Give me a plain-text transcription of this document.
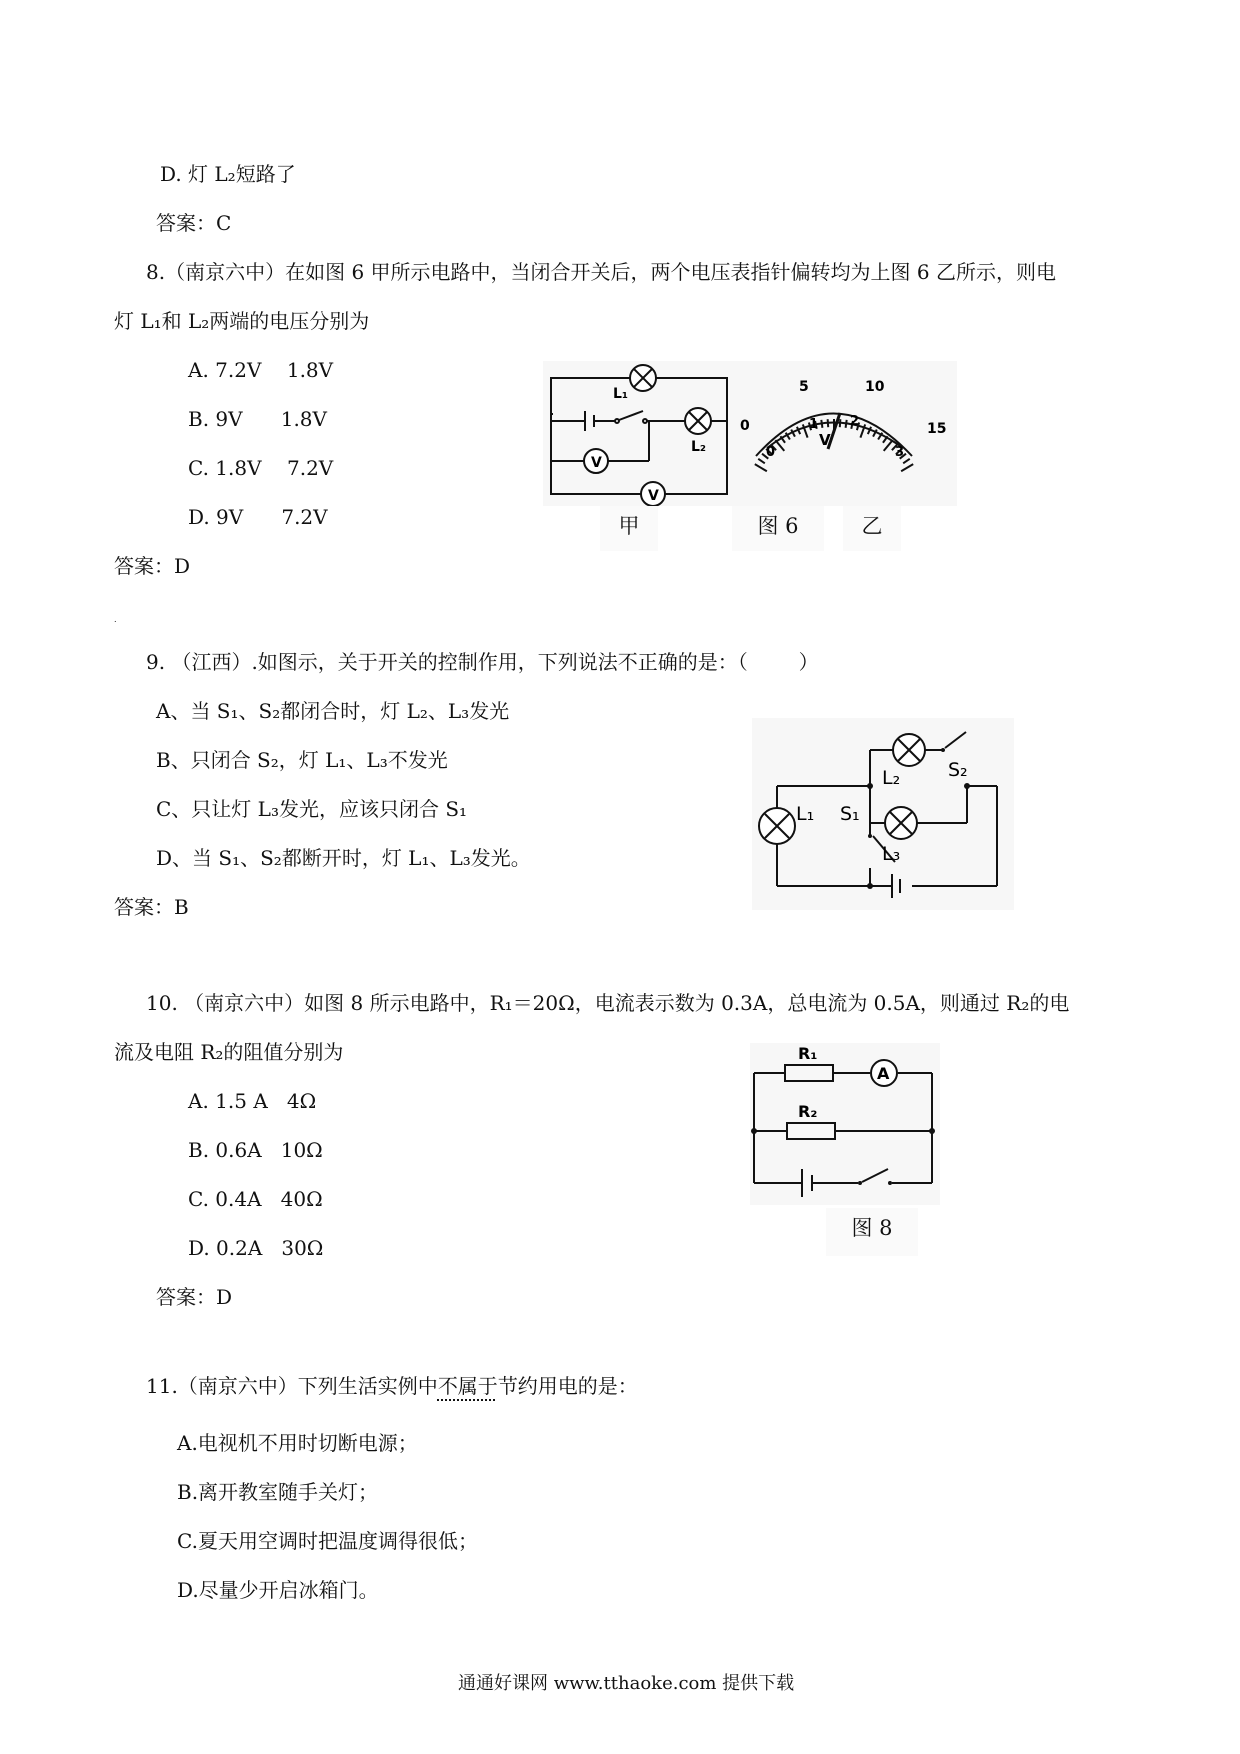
D. 灯 L₂短路了
答案：C
8.（南京六中）在如图 6 甲所示电路中，当闭合开关后，两个电压表指针偏转均为上图 6 乙所示，则电
灯 L₁和 L₂两端的电压分别为
A. 7.2V    1.8V
B. 9V      1.8V
C. 1.8V    7.2V
D. 9V      7.2V
答案：D
L₁
L₂
V
V
0
5	10
15
0
1 2
3
V
甲	图 6	乙
.
9. （江西）.如图示，关于开关的控制作用，下列说法不正确的是：（        ）
A、当 S₁、S₂都闭合时，灯 L₂、L₃发光
B、只闭合 S₂，灯 L₁、L₃不发光
C、只让灯 L₃发光，应该只闭合 S₁
D、当 S₁、S₂都断开时，灯 L₁、L₃发光。
答案：B
L₁
L₂
L₃
S₁
S₂
10. （南京六中）如图 8 所示电路中，R₁＝20Ω，电流表示数为 0.3A，总电流为 0.5A，则通过 R₂的电
流及电阻 R₂的阻值分别为
A. 1.5 A   4Ω
B. 0.6A   10Ω
C. 0.4A   40Ω
D. 0.2A   30Ω
答案：D
A
R₁
R₂
图 8
11.（南京六中）下列生活实例中不属于节约用电的是：
A.电视机不用时切断电源；
B.离开教室随手关灯；
C.夏天用空调时把温度调得很低；
D.尽量少开启冰箱门。
通通好课网 www.tthaoke.com 提供下载
